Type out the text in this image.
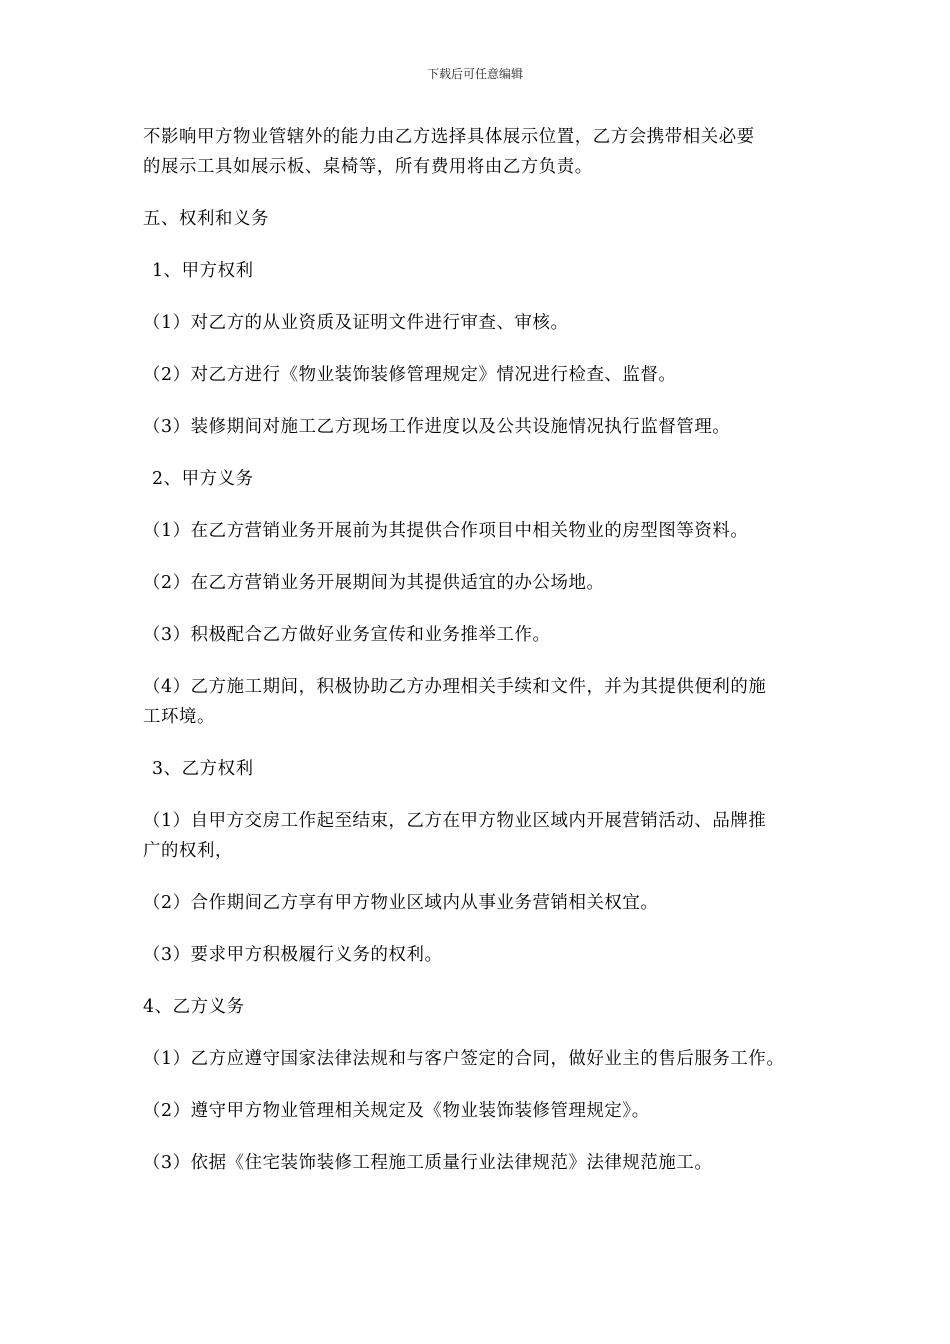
下载后可任意编辑

不影响甲方物业管辖外的能力由乙方选择具体展示位置，乙方会携带相关必要
的展示工具如展示板、桌椅等，所有费用将由乙方负责。

五、权利和义务

1、甲方权利

（1）对乙方的从业资质及证明文件进行审查、审核。

（2）对乙方进行《物业装饰装修管理规定》情况进行检查、监督。

（3）装修期间对施工乙方现场工作进度以及公共设施情况执行监督管理。

2、甲方义务

（1）在乙方营销业务开展前为其提供合作项目中相关物业的房型图等资料。

（2）在乙方营销业务开展期间为其提供适宜的办公场地。

（3）积极配合乙方做好业务宣传和业务推举工作。

（4）乙方施工期间，积极协助乙方办理相关手续和文件，并为其提供便利的施
工环境。

3、乙方权利

（1）自甲方交房工作起至结束，乙方在甲方物业区域内开展营销活动、品牌推
广的权利，

（2）合作期间乙方享有甲方物业区域内从事业务营销相关权宜。

（3）要求甲方积极履行义务的权利。

4、乙方义务

（1）乙方应遵守国家法律法规和与客户签定的合同，做好业主的售后服务工作。

（2）遵守甲方物业管理相关规定及《物业装饰装修管理规定》。

（3）依据《住宅装饰装修工程施工质量行业法律规范》法律规范施工。
